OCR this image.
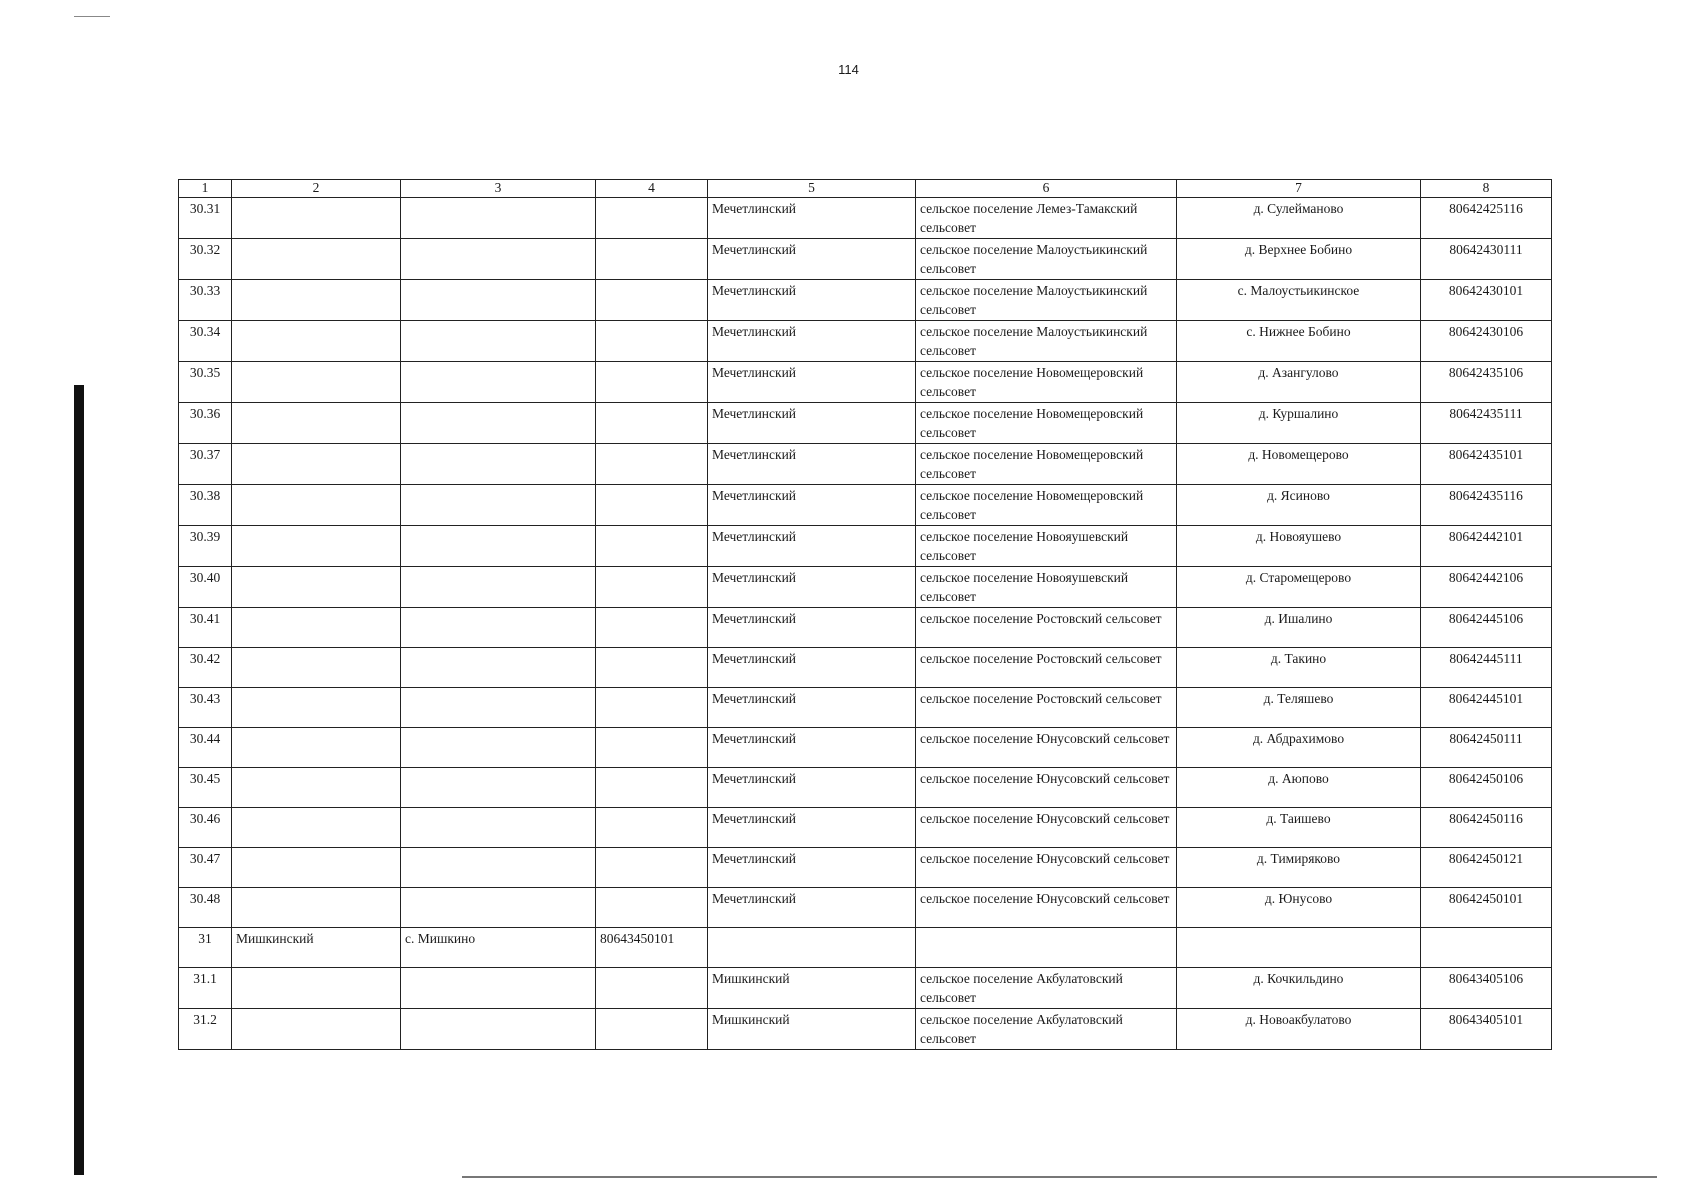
114
1	2	3	4	5	6	7	8
30.31				Мечетлинский	сельское поселение Лемез-Тамакский сельсовет	д. Сулейманово	80642425116
30.32				Мечетлинский	сельское поселение Малоустьикинский сельсовет	д. Верхнее Бобино	80642430111
30.33				Мечетлинский	сельское поселение Малоустьикинский сельсовет	с. Малоустьикинское	80642430101
30.34				Мечетлинский	сельское поселение Малоустьикинский сельсовет	с. Нижнее Бобино	80642430106
30.35				Мечетлинский	сельское поселение Новомещеровский сельсовет	д. Азангулово	80642435106
30.36				Мечетлинский	сельское поселение Новомещеровский сельсовет	д. Куршалино	80642435111
30.37				Мечетлинский	сельское поселение Новомещеровский сельсовет	д. Новомещерово	80642435101
30.38				Мечетлинский	сельское поселение Новомещеровский сельсовет	д. Ясиново	80642435116
30.39				Мечетлинский	сельское поселение Новояушевский сельсовет	д. Новояушево	80642442101
30.40				Мечетлинский	сельское поселение Новояушевский сельсовет	д. Старомещерово	80642442106
30.41				Мечетлинский	сельское поселение Ростовский сельсовет	д. Ишалино	80642445106
30.42				Мечетлинский	сельское поселение Ростовский сельсовет	д. Такино	80642445111
30.43				Мечетлинский	сельское поселение Ростовский сельсовет	д. Теляшево	80642445101
30.44				Мечетлинский	сельское поселение Юнусовский сельсовет	д. Абдрахимово	80642450111
30.45				Мечетлинский	сельское поселение Юнусовский сельсовет	д. Аюпово	80642450106
30.46				Мечетлинский	сельское поселение Юнусовский сельсовет	д. Таишево	80642450116
30.47				Мечетлинский	сельское поселение Юнусовский сельсовет	д. Тимиряково	80642450121
30.48				Мечетлинский	сельское поселение Юнусовский сельсовет	д. Юнусово	80642450101
31	Мишкинский	с. Мишкино	80643450101				
31.1				Мишкинский	сельское поселение Акбулатовский сельсовет	д. Кочкильдино	80643405106
31.2				Мишкинский	сельское поселение Акбулатовский сельсовет	д. Новоакбулатово	80643405101
